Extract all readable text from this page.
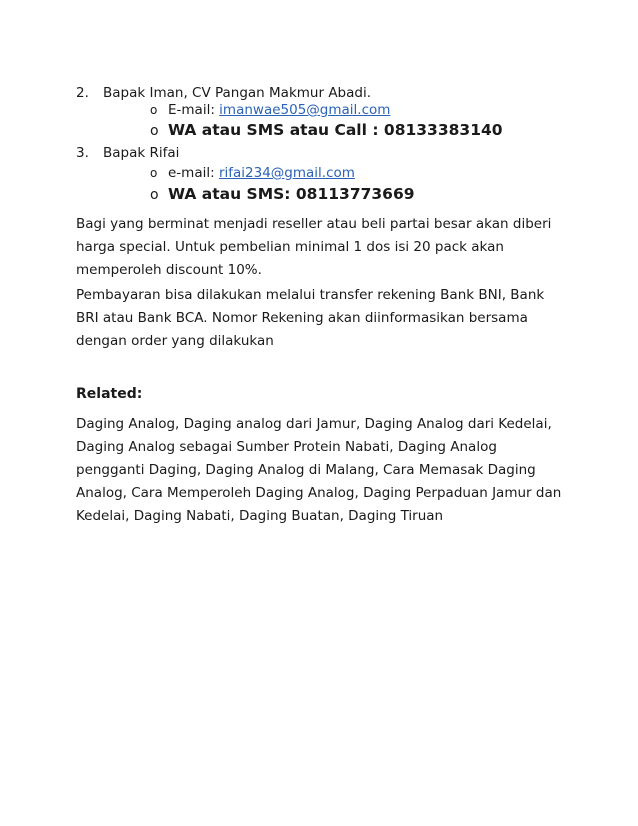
2. Bapak Iman, CV Pangan Makmur Abadi.
o E-mail: imanwae505@gmail.com
o WA atau SMS atau Call : 08133383140
3. Bapak Rifai
o e-mail: rifai234@gmail.com
o WA atau SMS: 08113773669

Bagi yang berminat menjadi reseller atau beli partai besar akan diberi harga special. Untuk pembelian minimal 1 dos isi 20 pack akan memperoleh discount 10%.

Pembayaran bisa dilakukan melalui transfer rekening Bank BNI, Bank BRI atau Bank BCA. Nomor Rekening akan diinformasikan bersama dengan order yang dilakukan

Related:

Daging Analog, Daging analog dari Jamur, Daging Analog dari Kedelai, Daging Analog sebagai Sumber Protein Nabati, Daging Analog pengganti Daging, Daging Analog di Malang, Cara Memasak Daging Analog, Cara Memperoleh Daging Analog, Daging Perpaduan Jamur dan Kedelai, Daging Nabati, Daging Buatan, Daging Tiruan
